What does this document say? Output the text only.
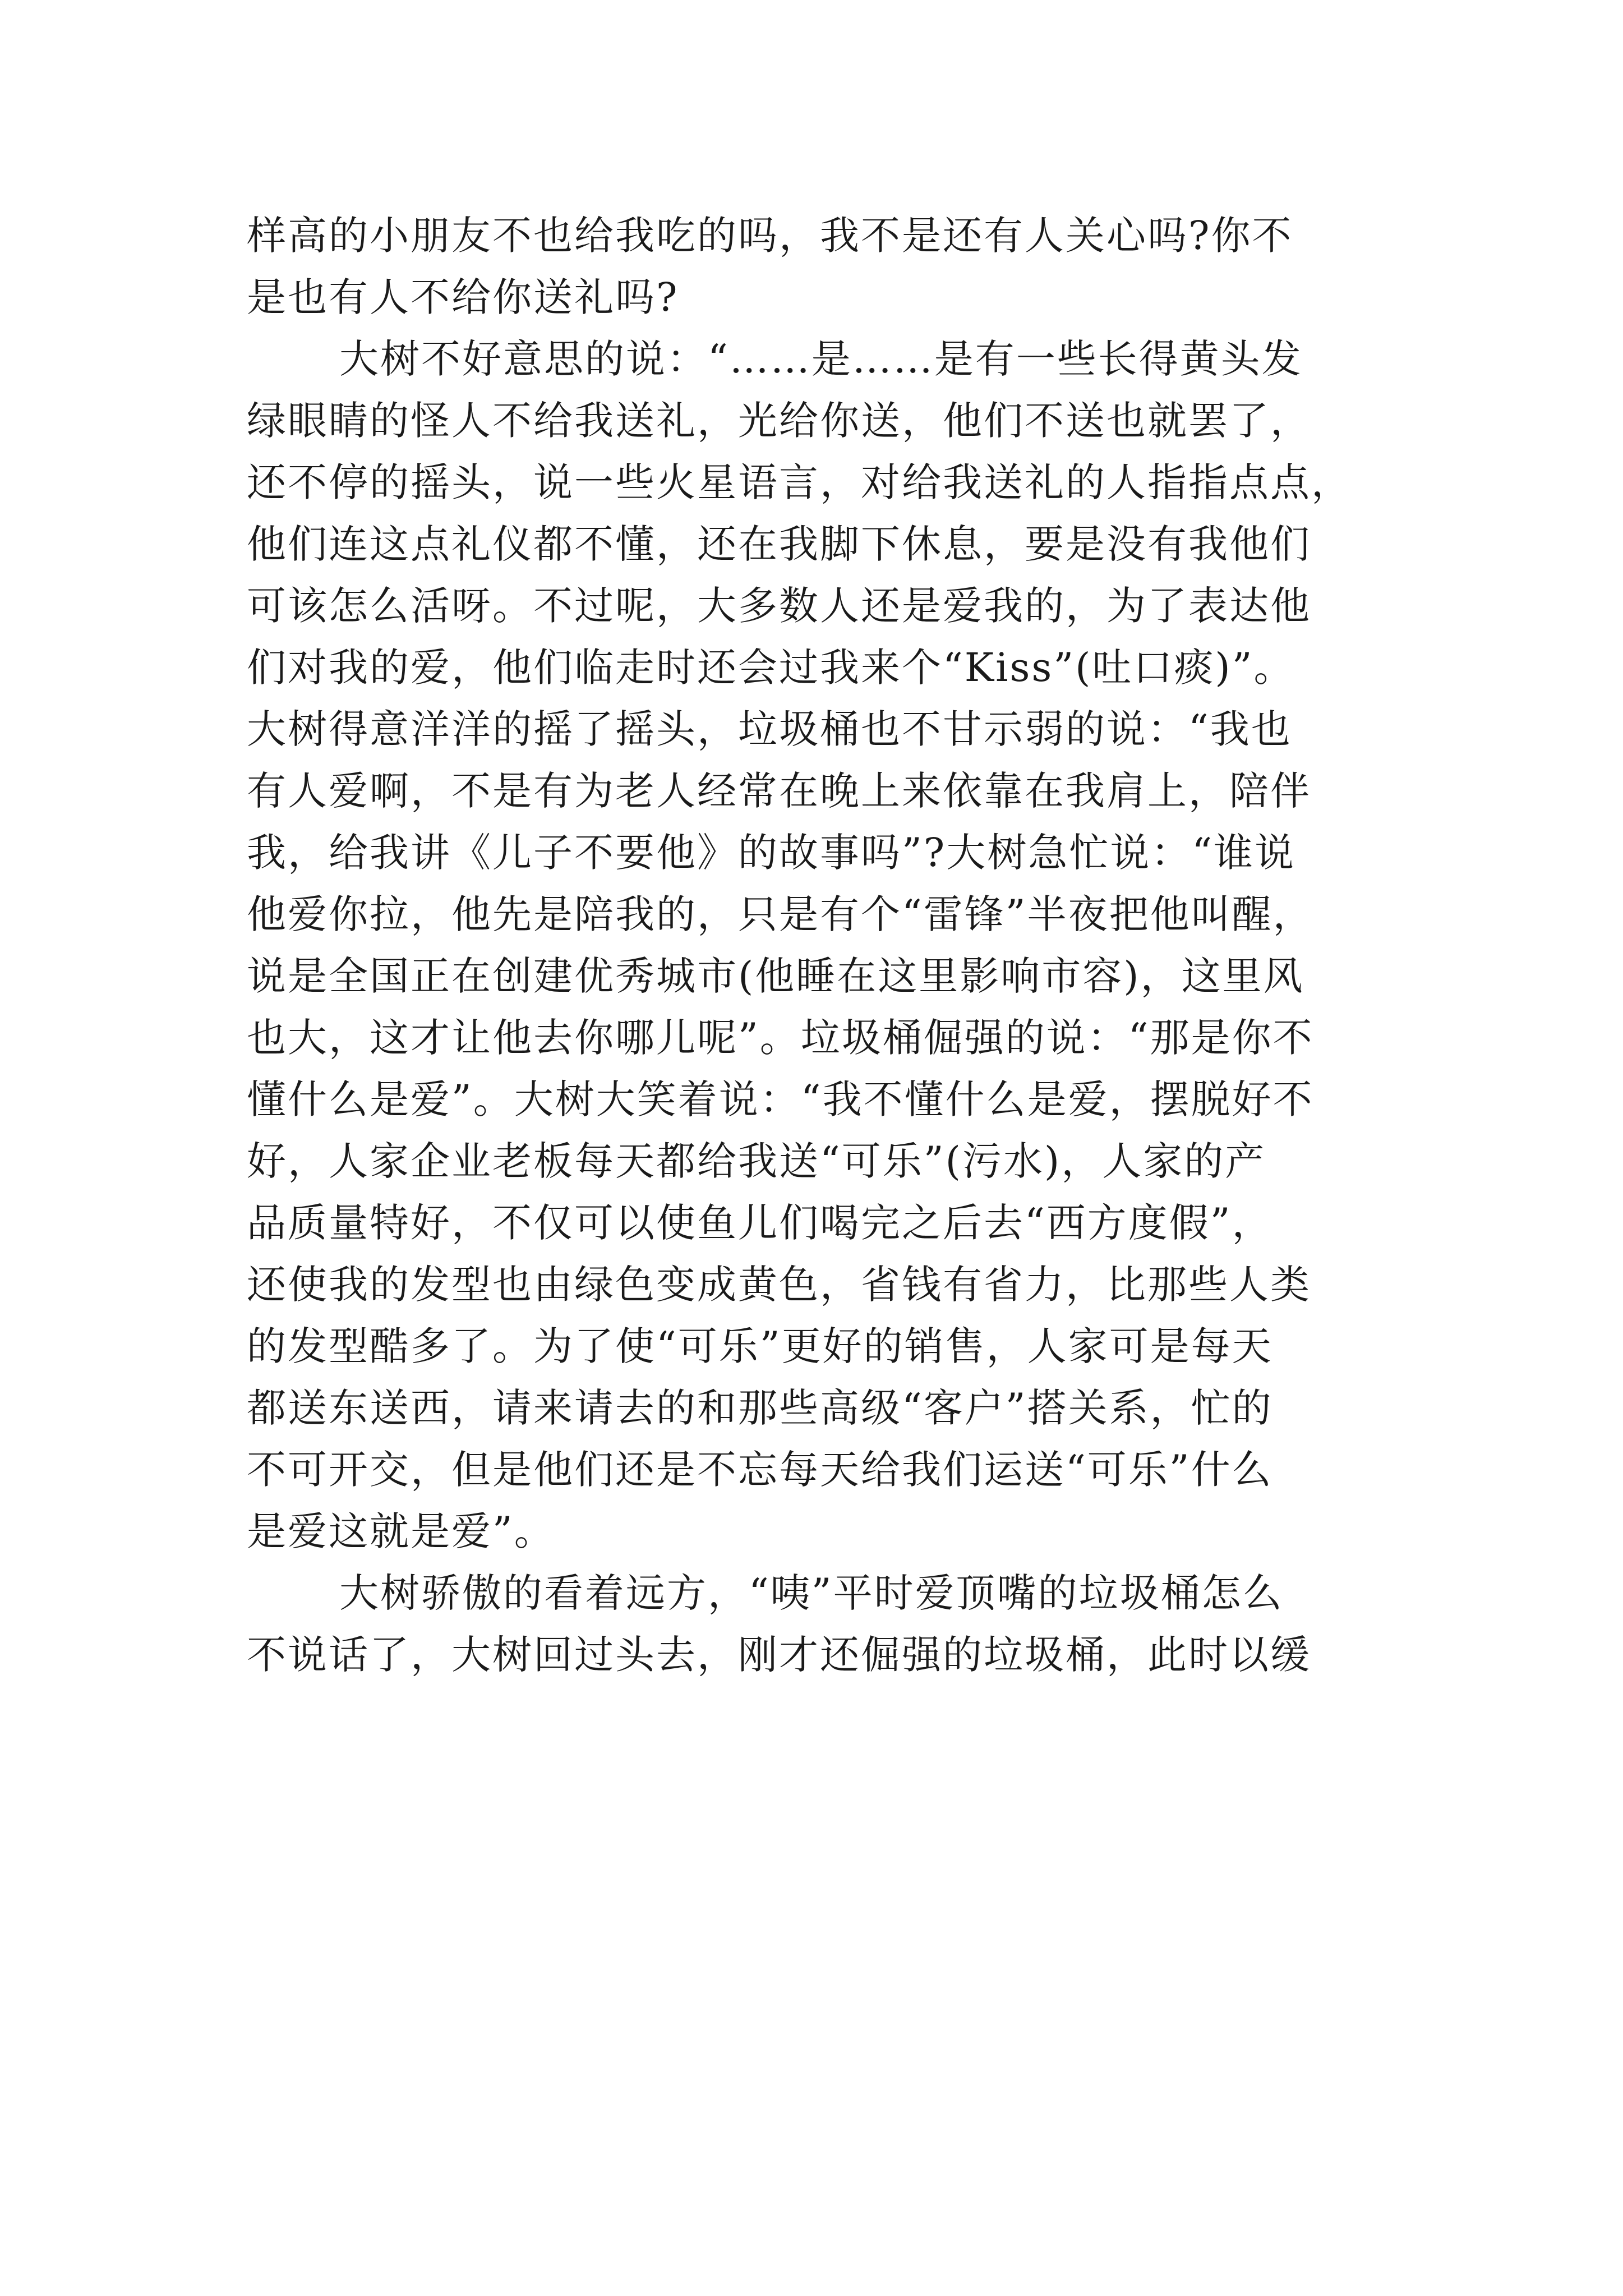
样高的小朋友不也给我吃的吗，我不是还有人关心吗?你不
是也有人不给你送礼吗?
大树不好意思的说：“……是……是有一些长得黄头发
绿眼睛的怪人不给我送礼，光给你送，他们不送也就罢了，
还不停的摇头，说一些火星语言，对给我送礼的人指指点点，
他们连这点礼仪都不懂，还在我脚下休息，要是没有我他们
可该怎么活呀。不过呢，大多数人还是爱我的，为了表达他
们对我的爱，他们临走时还会过我来个“Kiss”(吐口痰)”。
大树得意洋洋的摇了摇头，垃圾桶也不甘示弱的说：“我也
有人爱啊，不是有为老人经常在晚上来依靠在我肩上，陪伴
我，给我讲《儿子不要他》的故事吗”?大树急忙说：“谁说
他爱你拉，他先是陪我的，只是有个“雷锋”半夜把他叫醒，
说是全国正在创建优秀城市(他睡在这里影响市容)，这里风
也大，这才让他去你哪儿呢”。垃圾桶倔强的说：“那是你不
懂什么是爱”。大树大笑着说：“我不懂什么是爱，摆脱好不
好，人家企业老板每天都给我送“可乐”(污水)，人家的产
品质量特好，不仅可以使鱼儿们喝完之后去“西方度假”，
还使我的发型也由绿色变成黄色，省钱有省力，比那些人类
的发型酷多了。为了使“可乐”更好的销售，人家可是每天
都送东送西，请来请去的和那些高级“客户”搭关系，忙的
不可开交，但是他们还是不忘每天给我们运送“可乐”什么
是爱这就是爱”。
大树骄傲的看着远方，“咦”平时爱顶嘴的垃圾桶怎么
不说话了，大树回过头去，刚才还倔强的垃圾桶，此时以缓
